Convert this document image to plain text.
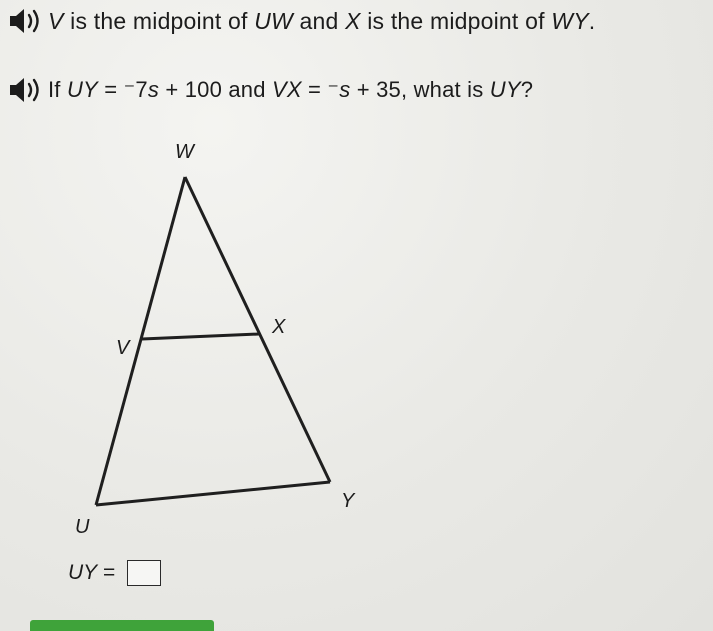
V is the midpoint of UW and X is the midpoint of WY.
If UY = ⁻7s + 100 and VX = ⁻s + 35, what is UY?
W
V
X
Y
U
UY =
